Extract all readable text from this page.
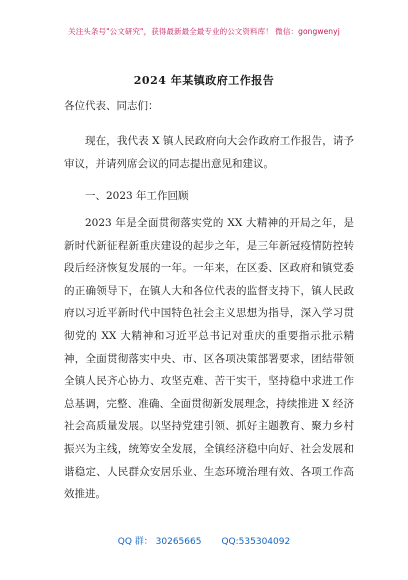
关注头条号"公文研究"，获得最新最全最专业的公文资料库！ 微信：gongwenyj
2024 年某镇政府工作报告
各位代表、同志们：

现在，我代表 X 镇人民政府向大会作政府工作报告，请予审议，并请列席会议的同志提出意见和建议。

一、2023 年工作回顾

2023 年是全面贯彻落实党的 XX 大精神的开局之年，是新时代新征程新重庆建设的起步之年，是三年新冠疫情防控转段后经济恢复发展的一年。一年来，在区委、区政府和镇党委的正确领导下，在镇人大和各位代表的监督支持下，镇人民政府以习近平新时代中国特色社会主义思想为指导，深入学习贯彻党的 XX 大精神和习近平总书记对重庆的重要指示批示精神，全面贯彻落实中央、市、区各项决策部署要求，团结带领全镇人民齐心协力、攻坚克难、苦干实干，坚持稳中求进工作总基调，完整、准确、全面贯彻新发展理念，持续推进 X 经济社会高质量发展。以坚持党建引领、抓好主题教育、聚力乡村振兴为主线，统筹安全发展，全镇经济稳中向好、社会发展和谐稳定、人民群众安居乐业、生态环境治理有效、各项工作高效推进。

QQ 群： 30265665 QQ:535304092
